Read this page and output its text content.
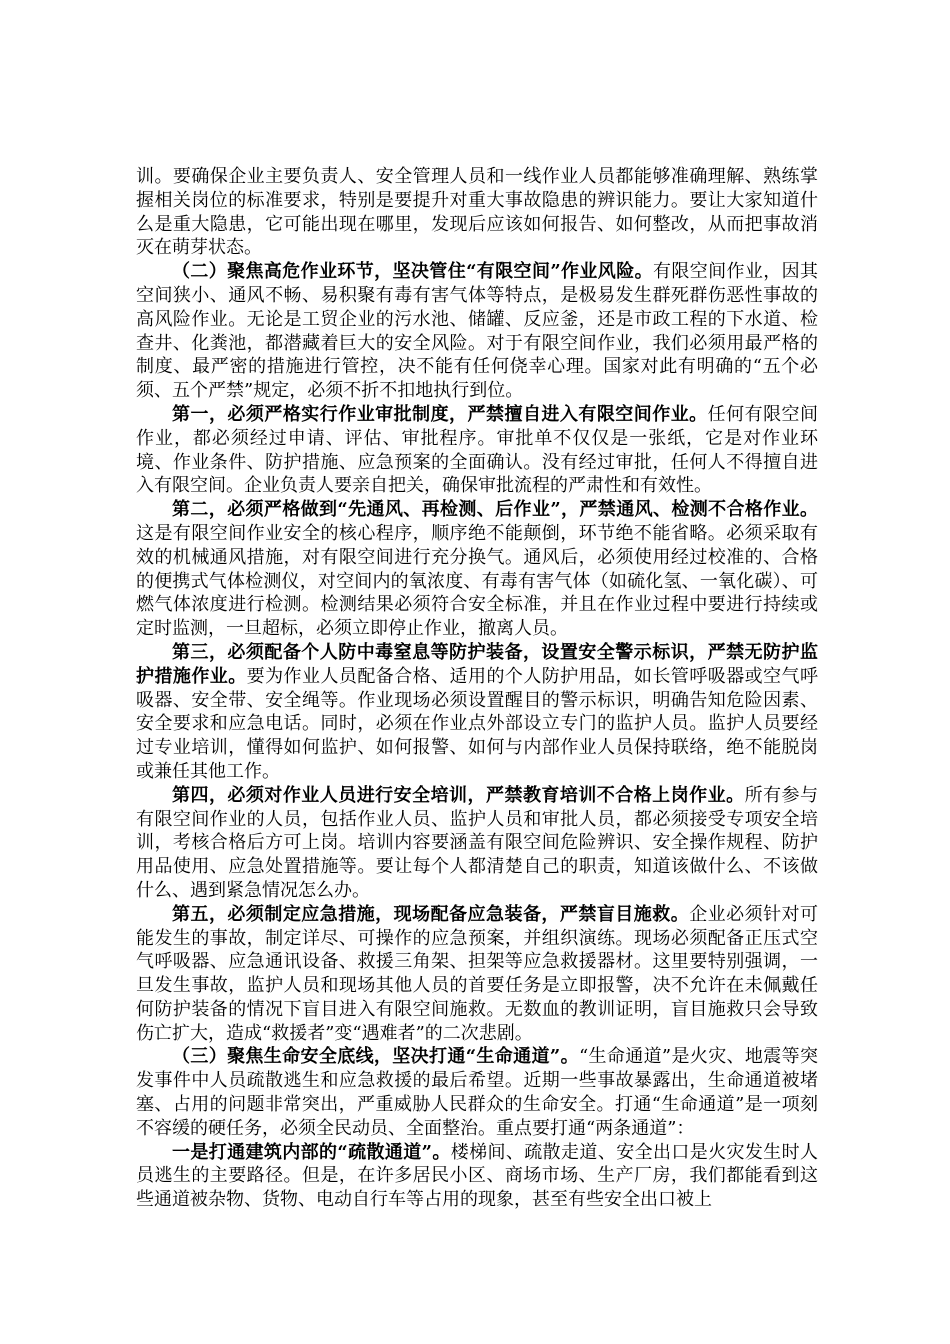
训。要确保企业主要负责人、安全管理人员和一线作业人员都能够准确理解、熟练掌握相关岗位的标准要求，特别是要提升对重大事故隐患的辨识能力。要让大家知道什么是重大隐患，它可能出现在哪里，发现后应该如何报告、如何整改，从而把事故消灭在萌芽状态。

（二）聚焦高危作业环节，坚决管住“有限空间”作业风险。有限空间作业，因其空间狭小、通风不畅、易积聚有毒有害气体等特点，是极易发生群死群伤恶性事故的高风险作业。无论是工贸企业的污水池、储罐、反应釜，还是市政工程的下水道、检查井、化粪池，都潜藏着巨大的安全风险。对于有限空间作业，我们必须用最严格的制度、最严密的措施进行管控，决不能有任何侥幸心理。国家对此有明确的“五个必须、五个严禁”规定，必须不折不扣地执行到位。

第一，必须严格实行作业审批制度，严禁擅自进入有限空间作业。任何有限空间作业，都必须经过申请、评估、审批程序。审批单不仅仅是一张纸，它是对作业环境、作业条件、防护措施、应急预案的全面确认。没有经过审批，任何人不得擅自进入有限空间。企业负责人要亲自把关，确保审批流程的严肃性和有效性。

第二，必须严格做到“先通风、再检测、后作业”，严禁通风、检测不合格作业。这是有限空间作业安全的核心程序，顺序绝不能颠倒，环节绝不能省略。必须采取有效的机械通风措施，对有限空间进行充分换气。通风后，必须使用经过校准的、合格的便携式气体检测仪，对空间内的氧浓度、有毒有害气体（如硫化氢、一氧化碳）、可燃气体浓度进行检测。检测结果必须符合安全标准，并且在作业过程中要进行持续或定时监测，一旦超标，必须立即停止作业，撤离人员。

第三，必须配备个人防中毒窒息等防护装备，设置安全警示标识，严禁无防护监护措施作业。要为作业人员配备合格、适用的个人防护用品，如长管呼吸器或空气呼吸器、安全带、安全绳等。作业现场必须设置醒目的警示标识，明确告知危险因素、安全要求和应急电话。同时，必须在作业点外部设立专门的监护人员。监护人员要经过专业培训，懂得如何监护、如何报警、如何与内部作业人员保持联络，绝不能脱岗或兼任其他工作。

第四，必须对作业人员进行安全培训，严禁教育培训不合格上岗作业。所有参与有限空间作业的人员，包括作业人员、监护人员和审批人员，都必须接受专项安全培训，考核合格后方可上岗。培训内容要涵盖有限空间危险辨识、安全操作规程、防护用品使用、应急处置措施等。要让每个人都清楚自己的职责，知道该做什么、不该做什么、遇到紧急情况怎么办。

第五，必须制定应急措施，现场配备应急装备，严禁盲目施救。企业必须针对可能发生的事故，制定详尽、可操作的应急预案，并组织演练。现场必须配备正压式空气呼吸器、应急通讯设备、救援三角架、担架等应急救援器材。这里要特别强调，一旦发生事故，监护人员和现场其他人员的首要任务是立即报警，决不允许在未佩戴任何防护装备的情况下盲目进入有限空间施救。无数血的教训证明，盲目施救只会导致伤亡扩大，造成“救援者”变“遇难者”的二次悲剧。

（三）聚焦生命安全底线，坚决打通“生命通道”。“生命通道”是火灾、地震等突发事件中人员疏散逃生和应急救援的最后希望。近期一些事故暴露出，生命通道被堵塞、占用的问题非常突出，严重威胁人民群众的生命安全。打通“生命通道”是一项刻不容缓的硬任务，必须全民动员、全面整治。重点要打通“两条通道”：

一是打通建筑内部的“疏散通道”。楼梯间、疏散走道、安全出口是火灾发生时人员逃生的主要路径。但是，在许多居民小区、商场市场、生产厂房，我们都能看到这些通道被杂物、货物、电动自行车等占用的现象，甚至有些安全出口被上
